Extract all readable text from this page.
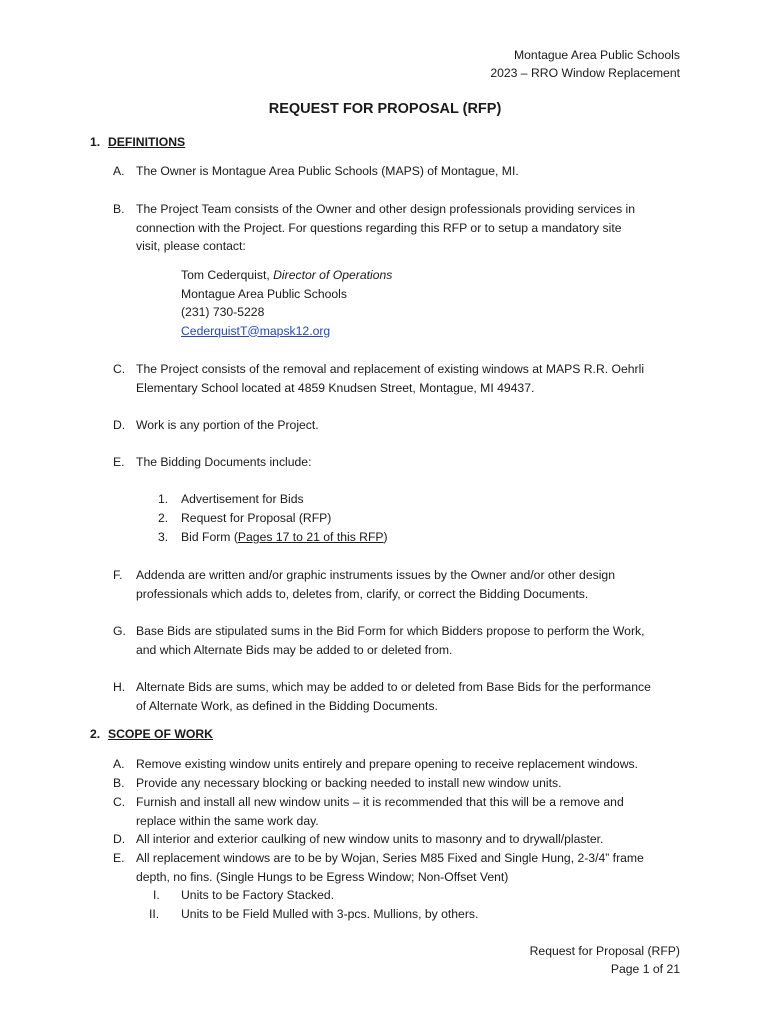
Montague Area Public Schools
2023 – RRO Window Replacement
REQUEST FOR PROPOSAL (RFP)
1. DEFINITIONS
A. The Owner is Montague Area Public Schools (MAPS) of Montague, MI.
B. The Project Team consists of the Owner and other design professionals providing services in
connection with the Project. For questions regarding this RFP or to setup a mandatory site
visit, please contact:
Tom Cederquist, Director of Operations
Montague Area Public Schools
(231) 730-5228
CederquistT@mapsk12.org
C. The Project consists of the removal and replacement of existing windows at MAPS R.R. Oehrli
Elementary School located at 4859 Knudsen Street, Montague, MI 49437.
D. Work is any portion of the Project.
E. The Bidding Documents include:
1. Advertisement for Bids
2. Request for Proposal (RFP)
3. Bid Form (Pages 17 to 21 of this RFP)
F. Addenda are written and/or graphic instruments issues by the Owner and/or other design
professionals which adds to, deletes from, clarify, or correct the Bidding Documents.
G. Base Bids are stipulated sums in the Bid Form for which Bidders propose to perform the Work,
and which Alternate Bids may be added to or deleted from.
H. Alternate Bids are sums, which may be added to or deleted from Base Bids for the performance
of Alternate Work, as defined in the Bidding Documents.
2. SCOPE OF WORK
A. Remove existing window units entirely and prepare opening to receive replacement windows.
B. Provide any necessary blocking or backing needed to install new window units.
C. Furnish and install all new window units – it is recommended that this will be a remove and
replace within the same work day.
D. All interior and exterior caulking of new window units to masonry and to drywall/plaster.
E. All replacement windows are to be by Wojan, Series M85 Fixed and Single Hung, 2-3/4” frame
depth, no fins. (Single Hungs to be Egress Window; Non-Offset Vent)
I. Units to be Factory Stacked.
II. Units to be Field Mulled with 3-pcs. Mullions, by others.
Request for Proposal (RFP)
Page 1 of 21
